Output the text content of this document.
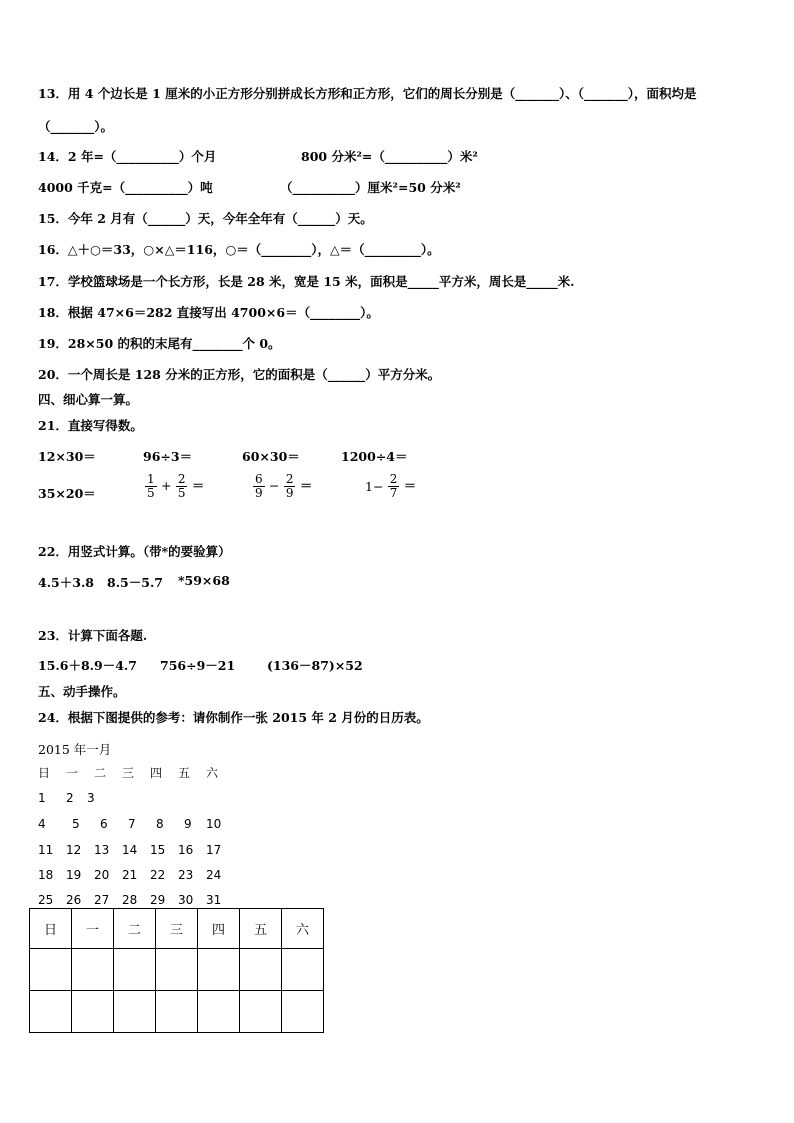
13．用 4 个边长是 1 厘米的小正方形分别拼成长方形和正方形，它们的周长分别是（_______）、（_______），面积均是
（_______）。
14．2 年=（__________）个月	800 分米²=（__________）米²
4000 千克=（__________）吨	（__________）厘米²=50 分米²
15．今年 2 月有（______）天，今年全年有（______）天。
16．△＋○＝33，○×△＝116，○＝（________），△＝（_________）。
17．学校篮球场是一个长方形，长是 28 米，宽是 15 米，面积是_____平方米，周长是_____米.
18．根据 47×6＝282 直接写出 4700×6＝（________）。
19．28×50 的积的末尾有________个 0。
20．一个周长是 128 分米的正方形，它的面积是（______）平方分米。
四、细心算一算。
21．直接写得数。
12×30＝	96÷3＝	60×30＝	1200÷4＝
35×20＝	$\frac{1}{5} + \frac{2}{5}$ ＝	$\frac{6}{9} - \frac{2}{9}$ ＝	$1- \frac{2}{7}$ ＝
22．用竖式计算。（带*的要验算）
4.5＋3.8 8.5－5.7 *59×68
23．计算下面各题.
15.6＋8.9－4.7 756÷9－21	(136－87)×52
五、动手操作。
24．根据下图提供的参考：请你制作一张 2015 年 2 月份的日历表。
2015 年一月
日 一 二 三 四 五 六
1 2 3
4 5 6 7 8 9 10
11 12 13 14 15 16 17
18 19 20 21 22 23 24
25 26 27 28 29 30 31
日	一	二	三	四	五	六
